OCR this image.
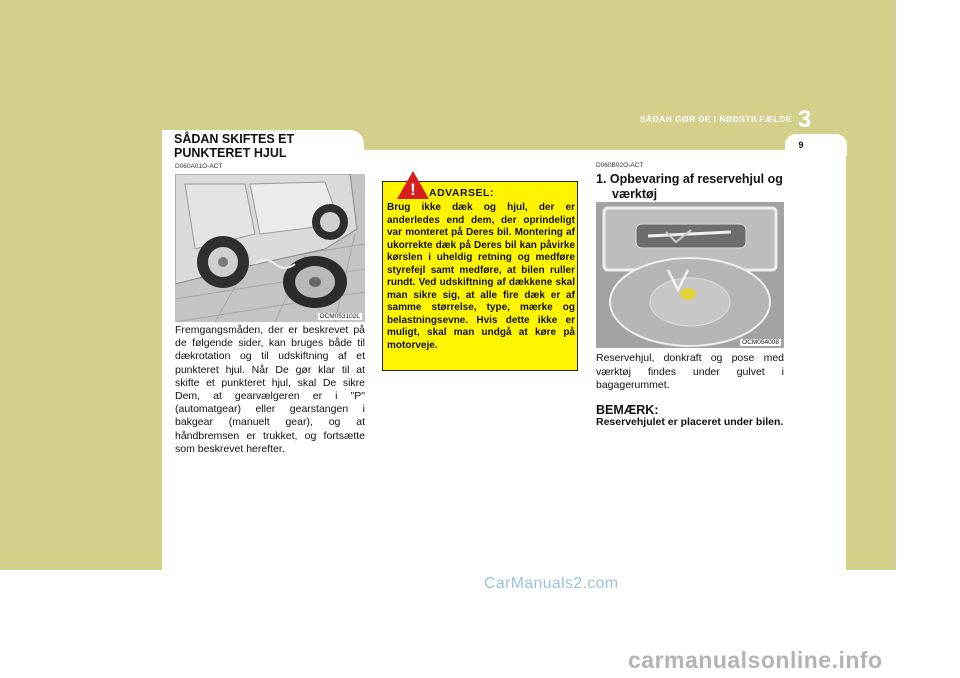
3
SÅDAN GØR DE I NØDSTILFÆLDE
9
SÅDAN SKIFTES ET
PUNKTERET HJUL
D060A01O-ACT
OCM053102L
Fremgangsmåden, der er beskrevet på de følgende sider, kan bruges både til dækrotation og til udskiftning af et punkteret hjul. Når De gør klar til at skifte et punkteret hjul, skal De sikre Dem, at gearvælgeren er i "P" (automatgear) eller gearstangen i bakgear (manuelt gear), og at håndbremsen er trukket, og fortsætte som beskrevet herefter.
! ADVARSEL:
Brug ikke dæk og hjul, der er anderledes end dem, der oprindeligt var monteret på Deres bil. Montering af ukorrekte dæk på Deres bil kan påvirke kørslen i uheldig retning og medføre styrefejl samt medføre, at bilen ruller rundt. Ved udskiftning af dækkene skal man sikre sig, at alle fire dæk er af samme størrelse, type, mærke og belastningsevne. Hvis dette ikke er muligt, skal man undgå at køre på motorveje.
D060B02O-ACT
1. Opbevaring af reservehjul og
værktøj
OCM054008
Reservehjul, donkraft og pose med værktøj findes under gulvet i bagagerummet.
BEMÆRK:
Reservehjulet er placeret under bilen.
CarManuals2.com
carmanualsonline.info
